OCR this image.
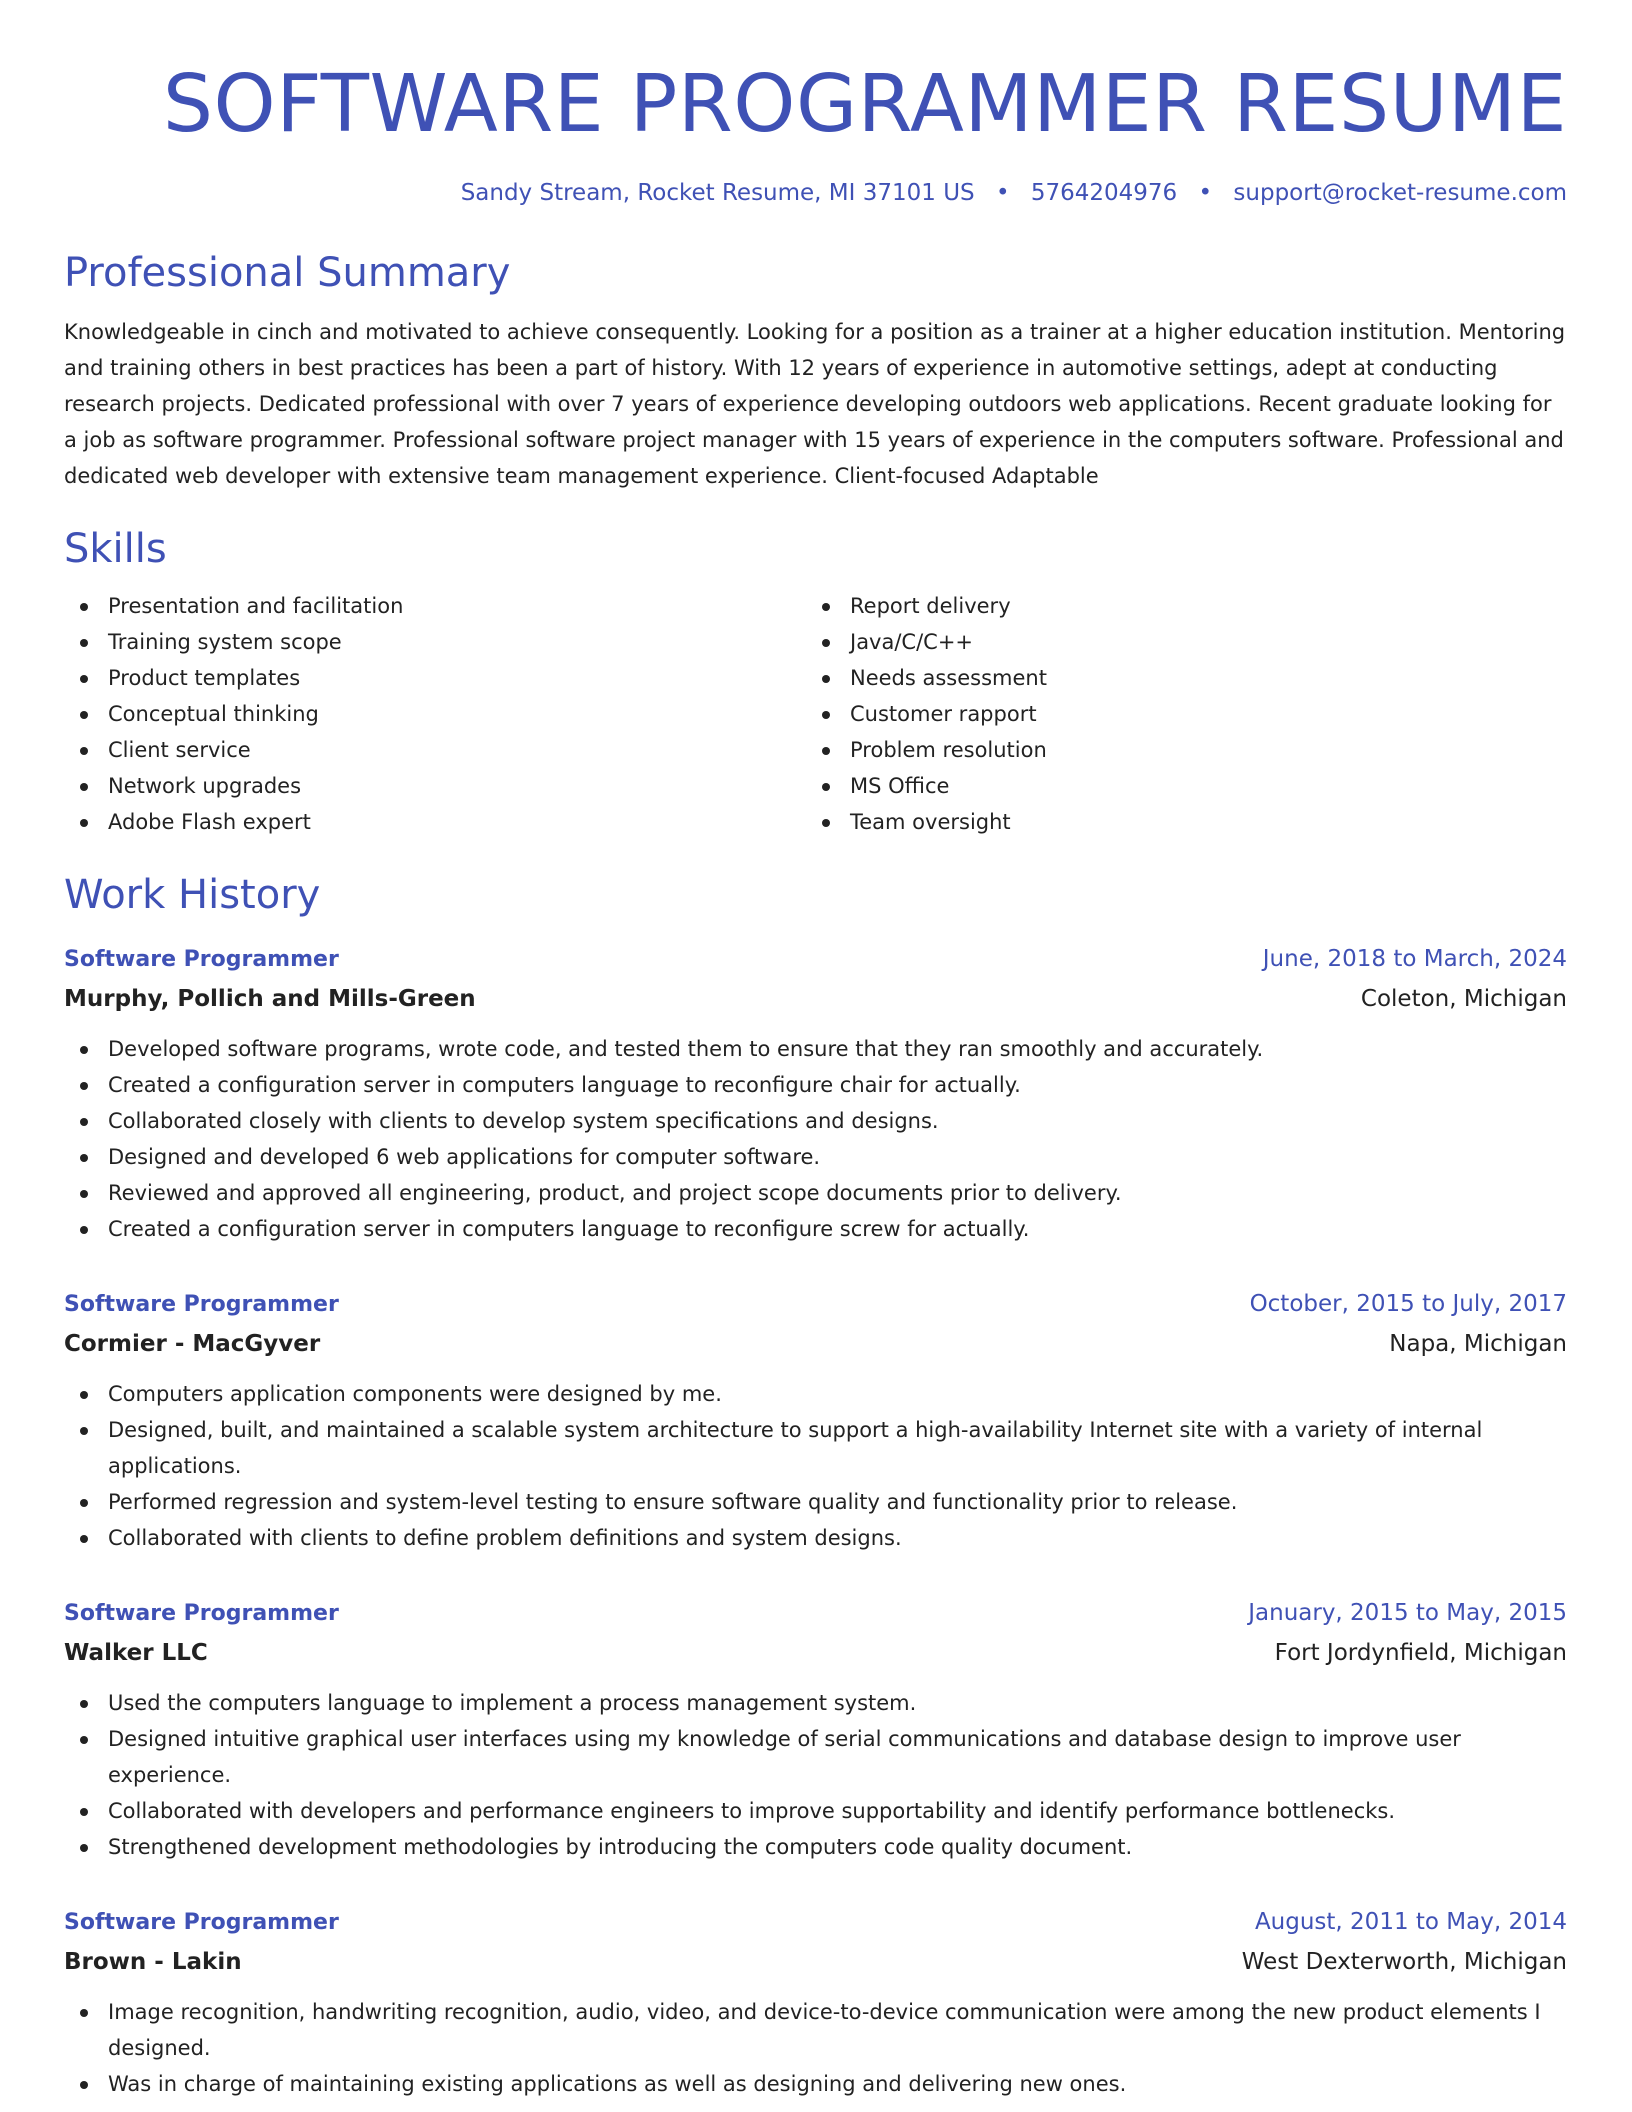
SOFTWARE PROGRAMMER RESUME
Sandy Stream, Rocket Resume, MI 37101 US • 5764204976 • support@rocket-resume.com
Professional Summary
Knowledgeable in cinch and motivated to achieve consequently. Looking for a position as a trainer at a higher education institution. Mentoring and training others in best practices has been a part of history. With 12 years of experience in automotive settings, adept at conducting research projects. Dedicated professional with over 7 years of experience developing outdoors web applications. Recent graduate looking for a job as software programmer. Professional software project manager with 15 years of experience in the computers software. Professional and dedicated web developer with extensive team management experience. Client-focused Adaptable
Skills
Presentation and facilitation
Training system scope
Product templates
Conceptual thinking
Client service
Network upgrades
Adobe Flash expert
Report delivery
Java/C/C++
Needs assessment
Customer rapport
Problem resolution
MS Office
Team oversight
Work History
Software Programmer	June, 2018 to March, 2024
Murphy, Pollich and Mills-Green	Coleton, Michigan
Developed software programs, wrote code, and tested them to ensure that they ran smoothly and accurately.
Created a configuration server in computers language to reconfigure chair for actually.
Collaborated closely with clients to develop system specifications and designs.
Designed and developed 6 web applications for computer software.
Reviewed and approved all engineering, product, and project scope documents prior to delivery.
Created a configuration server in computers language to reconfigure screw for actually.
Software Programmer	October, 2015 to July, 2017
Cormier - MacGyver	Napa, Michigan
Computers application components were designed by me.
Designed, built, and maintained a scalable system architecture to support a high-availability Internet site with a variety of internal applications.
Performed regression and system-level testing to ensure software quality and functionality prior to release.
Collaborated with clients to define problem definitions and system designs.
Software Programmer	January, 2015 to May, 2015
Walker LLC	Fort Jordynfield, Michigan
Used the computers language to implement a process management system.
Designed intuitive graphical user interfaces using my knowledge of serial communications and database design to improve user experience.
Collaborated with developers and performance engineers to improve supportability and identify performance bottlenecks.
Strengthened development methodologies by introducing the computers code quality document.
Software Programmer	August, 2011 to May, 2014
Brown - Lakin	West Dexterworth, Michigan
Image recognition, handwriting recognition, audio, video, and device-to-device communication were among the new product elements I designed.
Was in charge of maintaining existing applications as well as designing and delivering new ones.
